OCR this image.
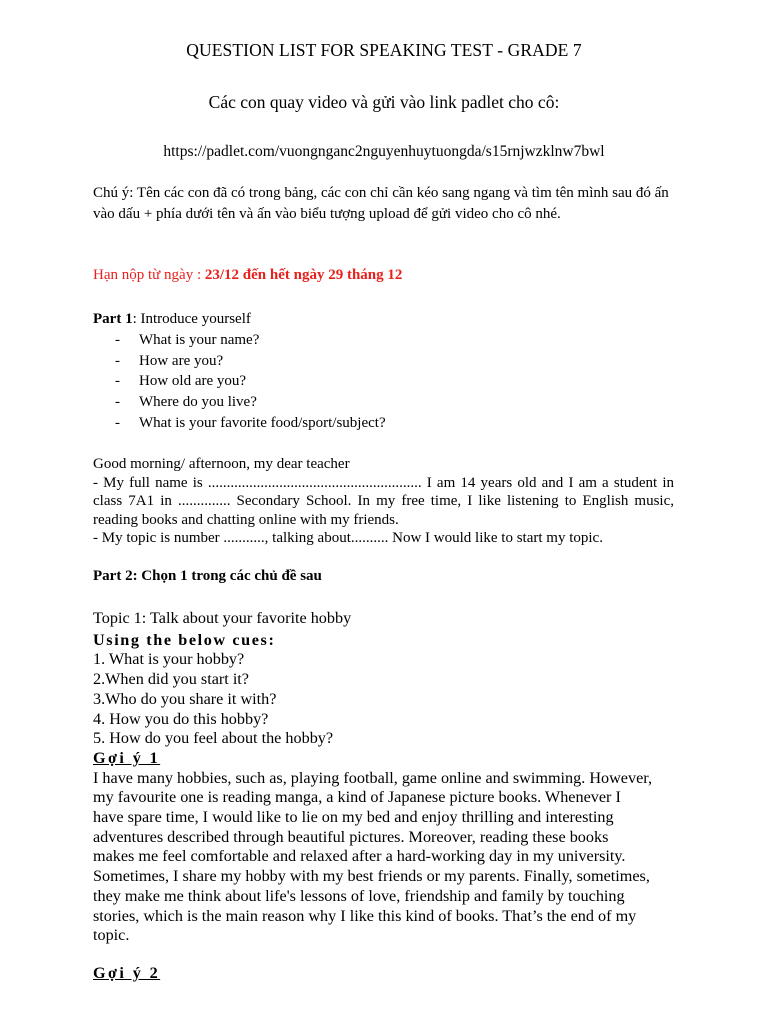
QUESTION LIST FOR SPEAKING TEST - GRADE 7
Các con quay video và gửi vào link padlet cho cô:
https://padlet.com/vuongnganc2nguyenhuytuongda/s15rnjwzklnw7bwl
Chú ý: Tên các con đã có trong bảng, các con chỉ cần kéo sang ngang và tìm tên mình sau đó ấn vào dấu + phía dưới tên và ấn vào biểu tượng upload để gửi video cho cô nhé.
Hạn nộp từ ngày : 23/12 đến hết ngày 29 tháng 12
Part 1: Introduce yourself
- What is your name?
- How are you?
- How old are you?
- Where do you live?
- What is your favorite food/sport/subject?
Good morning/ afternoon, my dear teacher
- My full name is ......................................................... I am 14 years old and I am a student in class 7A1 in .............. Secondary School. In my free time, I like listening to English music, reading books and chatting online with my friends.
- My topic is number ..........., talking about.......... Now I would like to start my topic.
Part 2: Chọn 1 trong các chủ đề sau
Topic 1: Talk about your favorite hobby
Using the below cues:
1. What is your hobby?
2.When did you start it?
3.Who do you share it with?
4. How you do this hobby?
5. How do you feel about the hobby?
Gợi ý 1
I have many hobbies, such as, playing football, game online and swimming. However, my favourite one is reading manga, a kind of Japanese picture books. Whenever I have spare time, I would like to lie on my bed and enjoy thrilling and interesting adventures described through beautiful pictures. Moreover, reading these books makes me feel comfortable and relaxed after a hard-working day in my university. Sometimes, I share my hobby with my best friends or my parents. Finally, sometimes, they make me think about life's lessons of love, friendship and family by touching stories, which is the main reason why I like this kind of books. That’s the end of my topic.
Gợi ý 2
